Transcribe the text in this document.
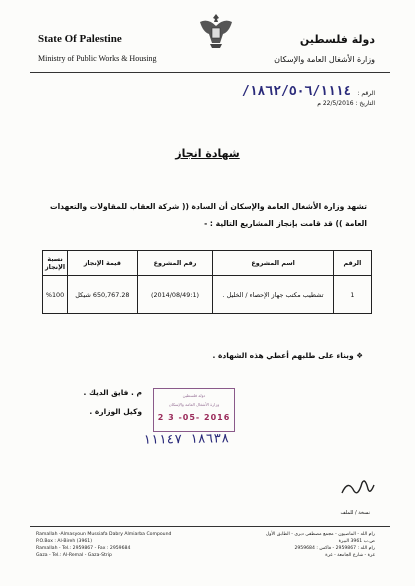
State Of Palestine
Ministry of Public Works & Housing
دولة فلسطين
وزارة الأشغال العامة والإسكان
الرقم : ١٨٦٢/٥٠٦/١١١٤/
التاريخ : 22/5/2016 م
شهادة انجاز
تشهد وزارة الأشغال العامة والإسكان أن السادة (( شركة العقاب للمقاولات والتعهدات العامة )) قد قامت بإنجاز المشاريع التالية : -
الرقم	اسم المشروع	رقم المشروع	قيمة الإنجاز	نسبة الإنجاز
1	تشطيب مكتب جهاز الإحصاء / الخليل .	(2014/08/49:1)	650,767.28 شيكل	%100
❖ وبناء على طلبهم أعطي هذه الشهادة .
م . فايق الديك .
وكيل الوزارة .
دولة فلسطين
وزارة الأشغال العامة والإسكان
2 3 -05- 2016
١٨٦٣٨ ١١١٤٧
نسخة / للملف
Ramallah -Almasyoun Mussiafa Dabry Almiarba Compound
P.O.Box : Al-Bireh (3961)
Ramallah - Tel.: 2959867 - Fax : 2959684
Gaza - Tel.: Al-Remal - Gaza-Strip
رام الله - الماصيون - مجمع مصطفى دبري - الطابق الأول
ص.ب 3961 البيرة
رام الله : 2959867 - فاكس : 2959684
غزة - شارع الجامعة - غزة
